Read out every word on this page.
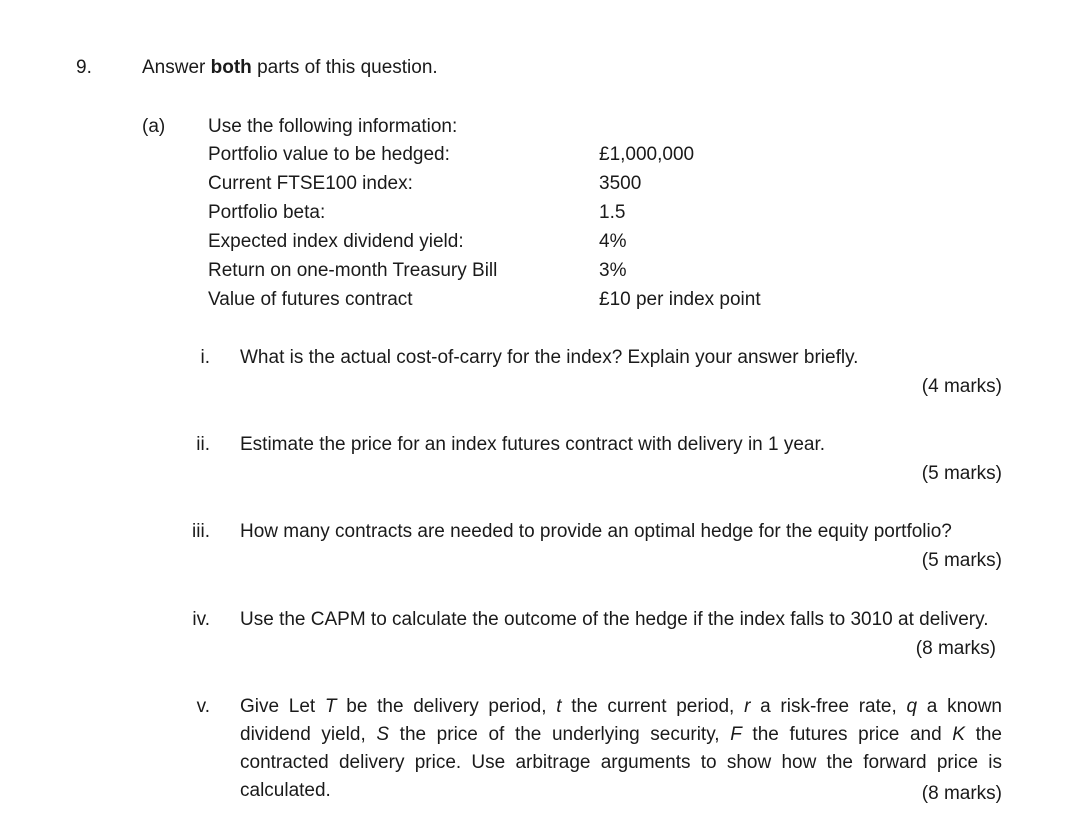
9.	Answer both parts of this question.
(a) Use the following information:
Portfolio value to be hedged:	£1,000,000
Current FTSE100 index:	3500
Portfolio beta:	1.5
Expected index dividend yield:	4%
Return on one-month Treasury Bill	3%
Value of futures contract	£10 per index point
i. What is the actual cost-of-carry for the index? Explain your answer briefly.
(4 marks)
ii. Estimate the price for an index futures contract with delivery in 1 year.
(5 marks)
iii. How many contracts are needed to provide an optimal hedge for the equity portfolio?
(5 marks)
iv. Use the CAPM to calculate the outcome of the hedge if the index falls to 3010 at delivery.
(8 marks)
v. Give Let T be the delivery period, t the current period, r a risk-free rate, q a known dividend yield, S the price of the underlying security, F the futures price and K the contracted delivery price. Use arbitrage arguments to show how the forward price is calculated.	(8 marks)
